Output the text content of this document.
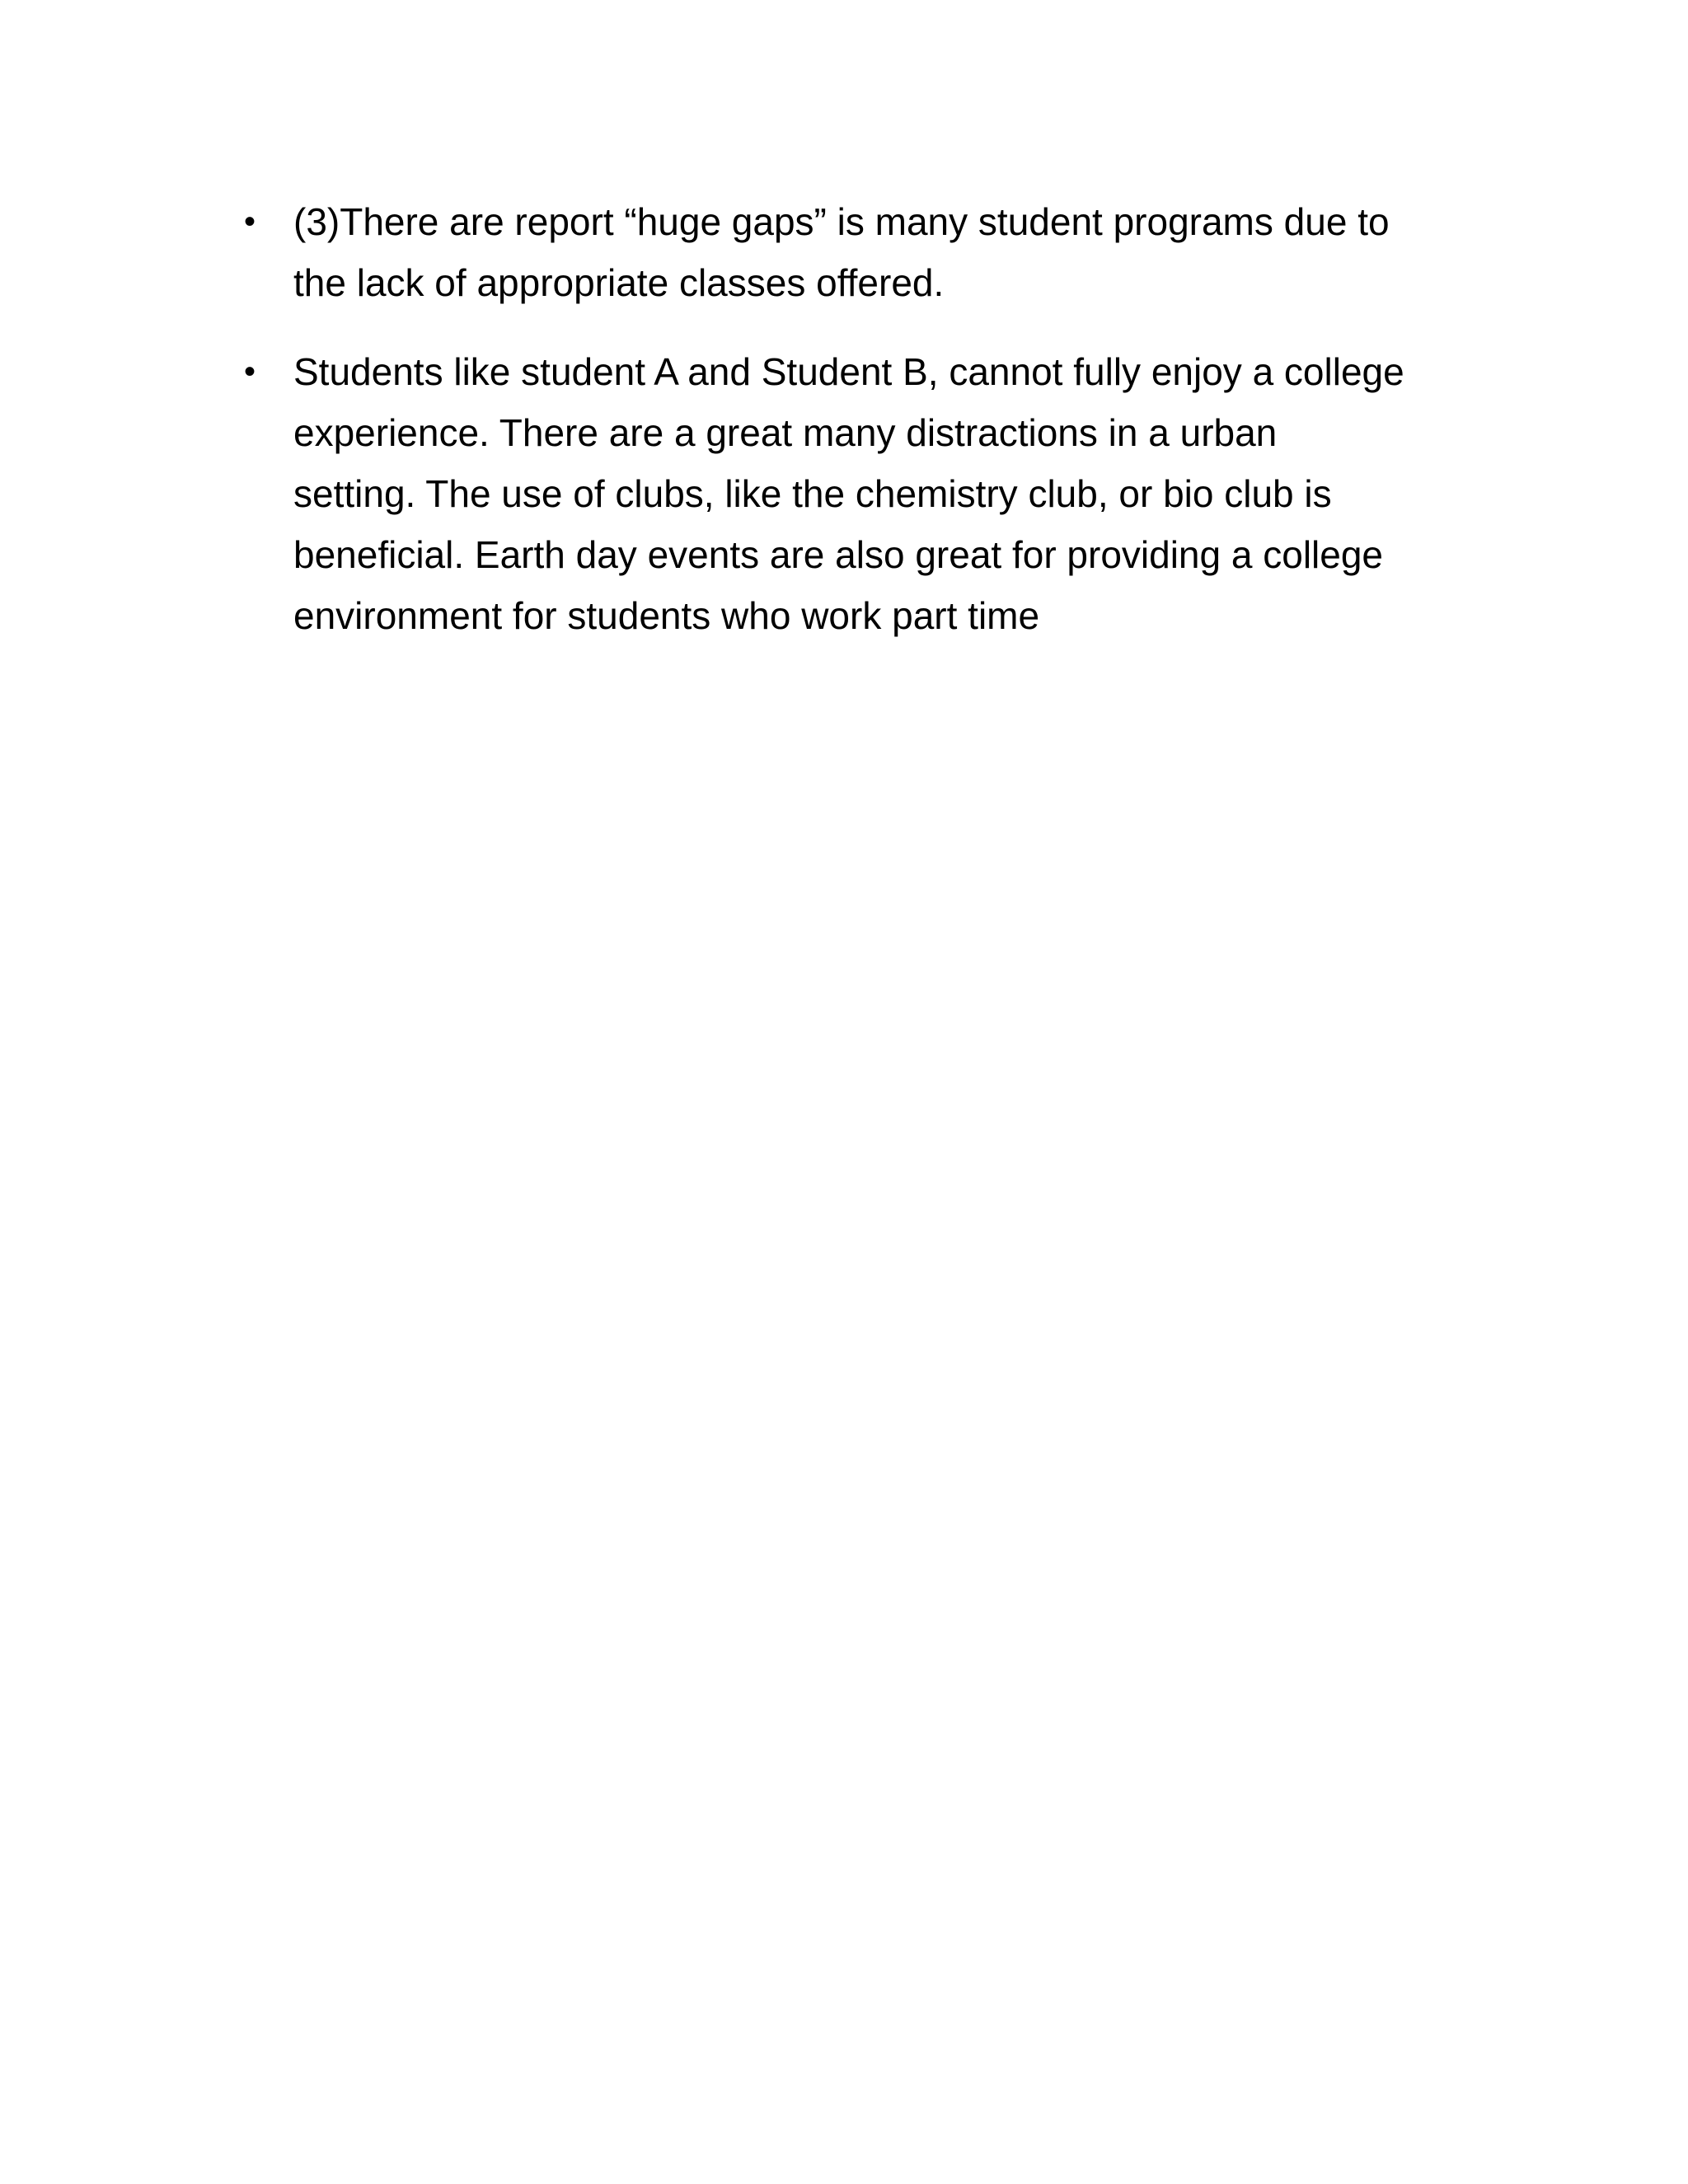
• (3)There are report “huge gaps” is many student programs due to
the lack of appropriate classes offered.
• Students like student A and Student B, cannot fully enjoy a college
experience. There are a great many distractions in a urban
setting. The use of clubs, like the chemistry club, or bio club is
beneficial. Earth day events are also great for providing a college
environment for students who work part time
